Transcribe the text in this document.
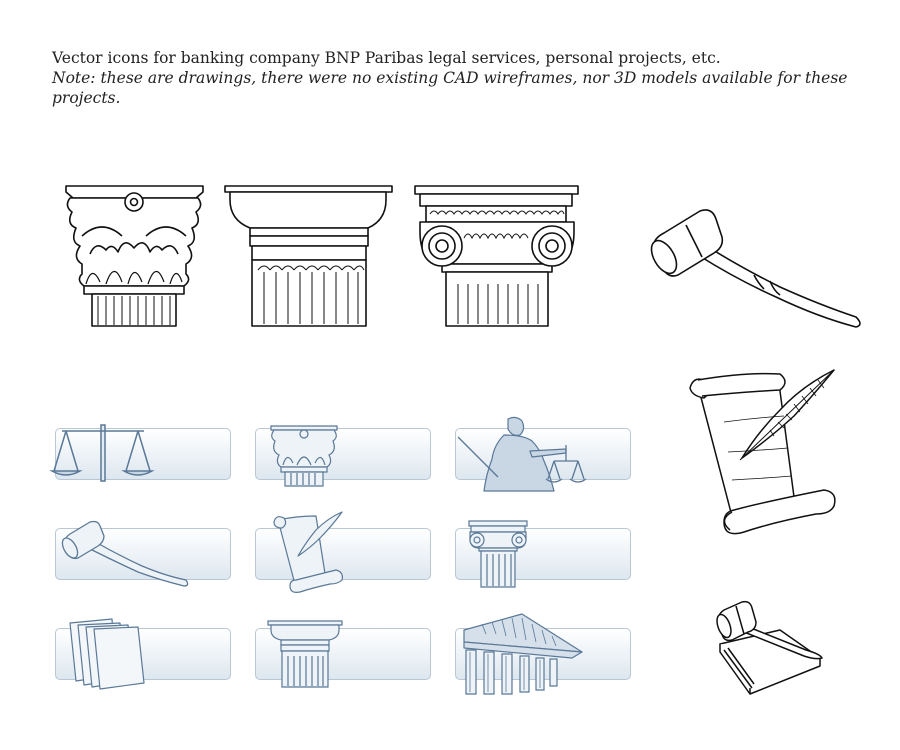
Vector icons for banking company BNP Paribas legal services, personal projects, etc.

Note: these are drawings, there were no existing CAD wireframes, nor 3D models available for these projects.
